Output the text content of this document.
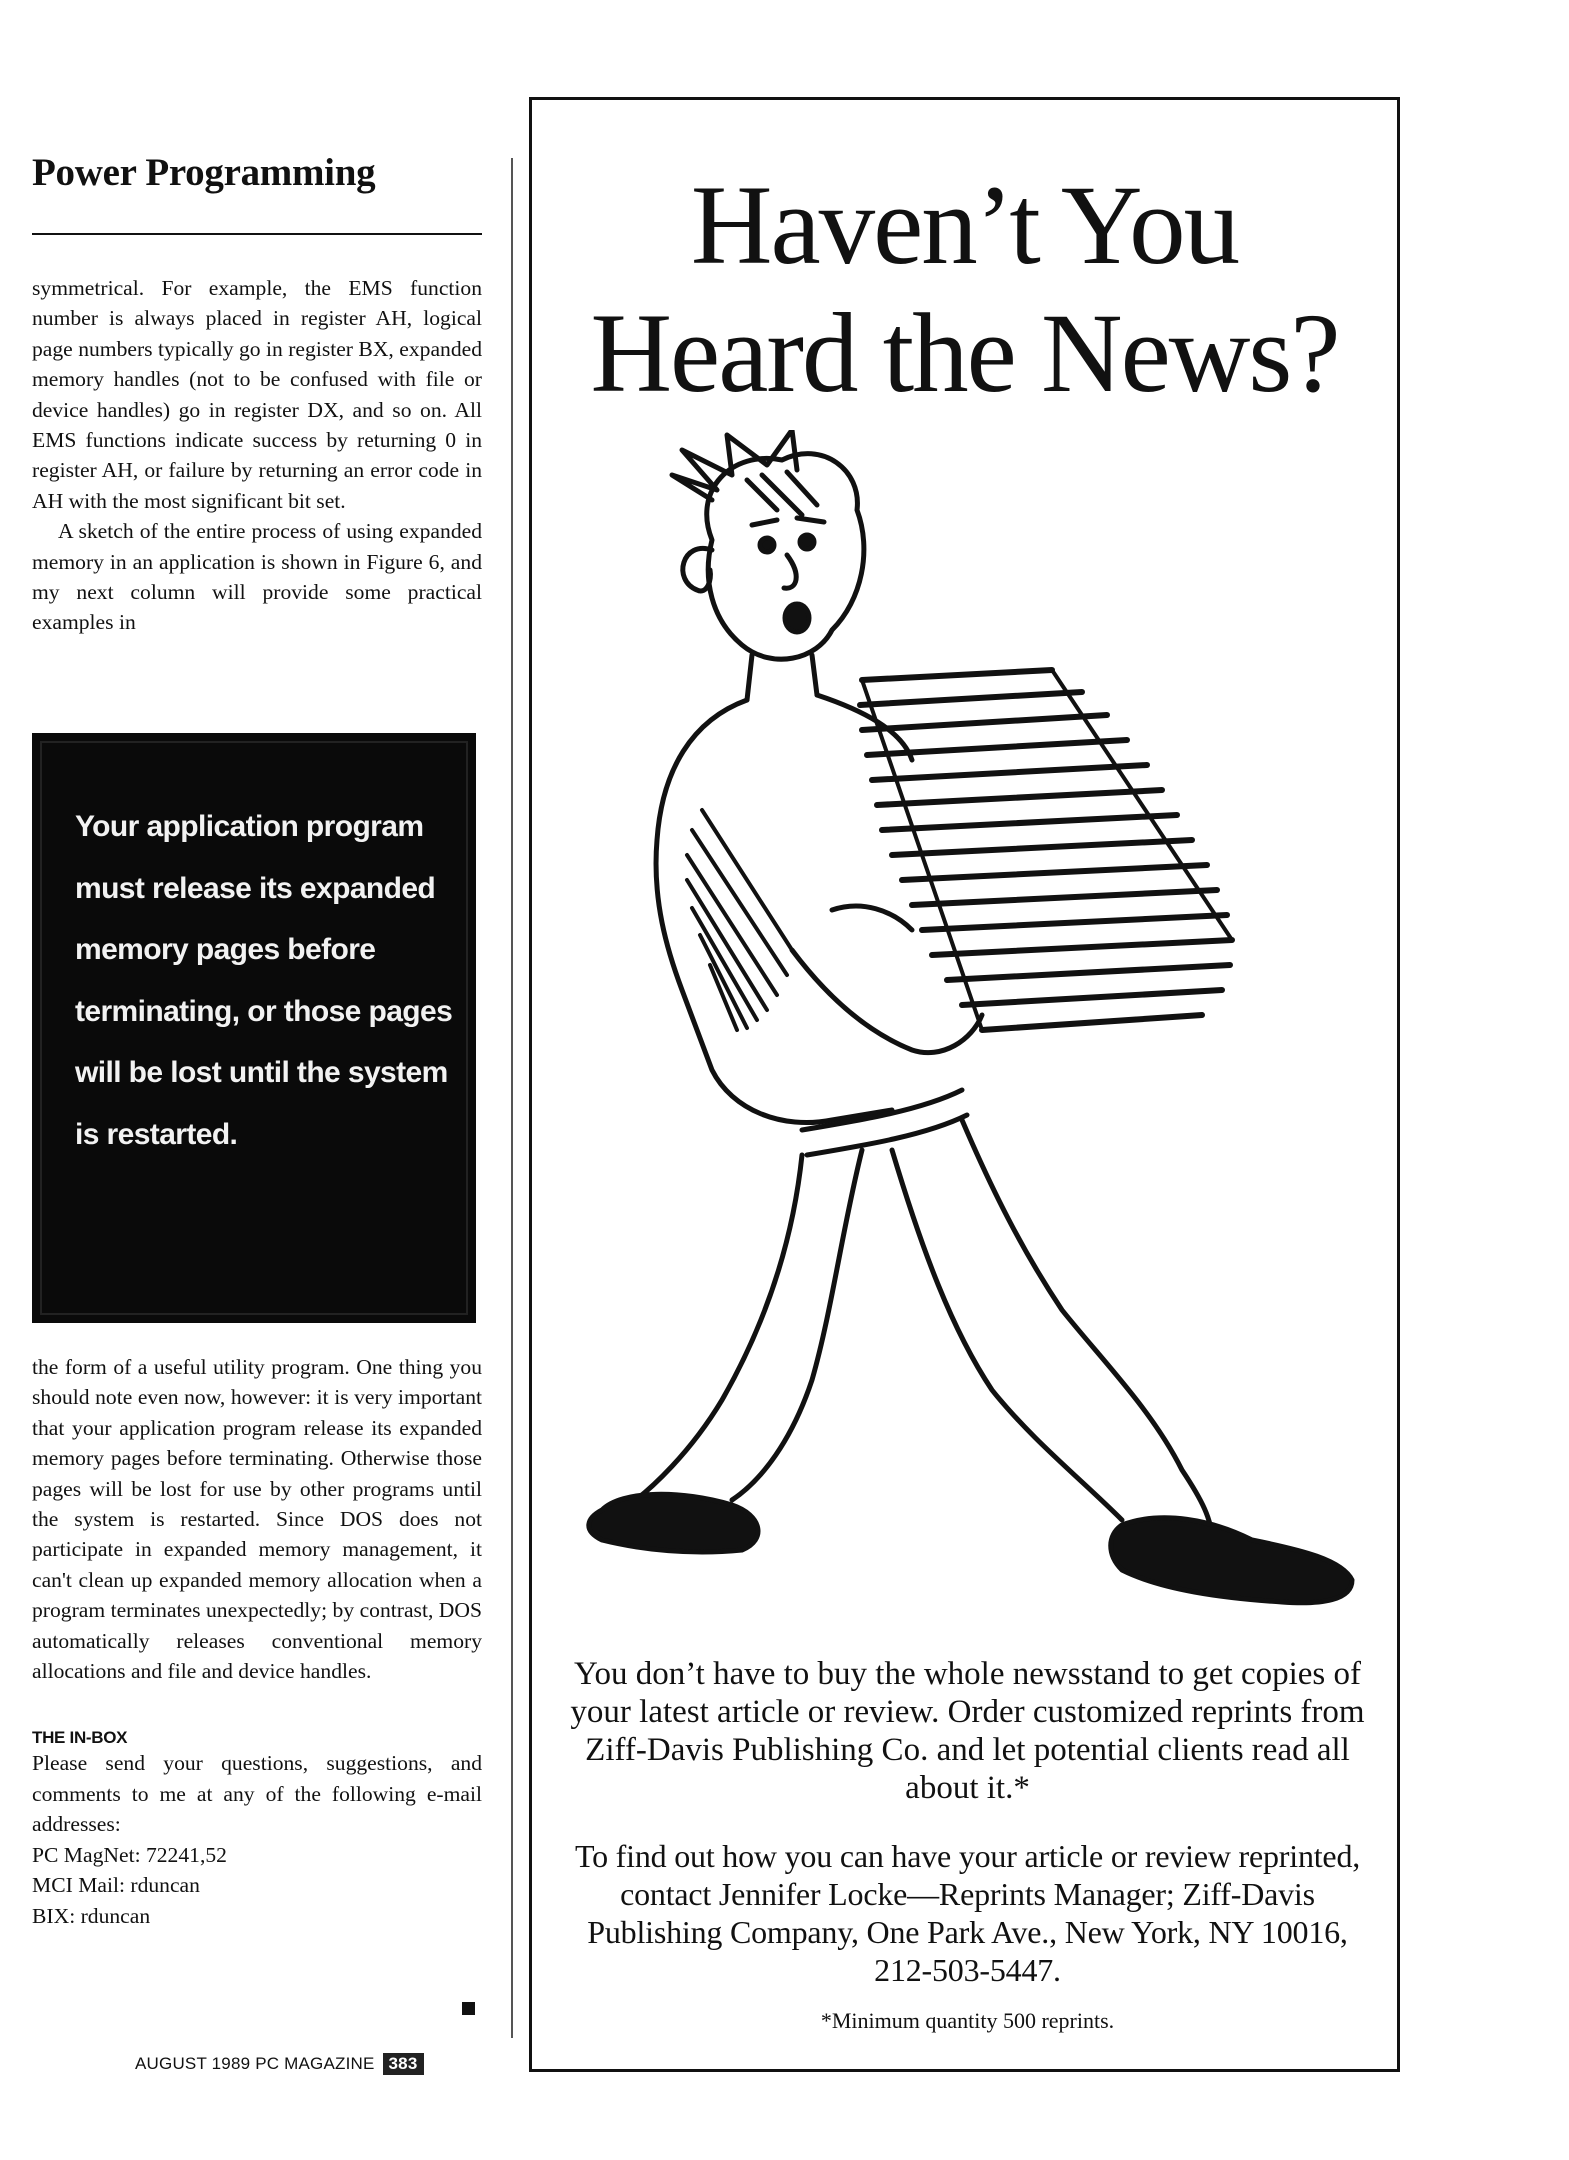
Power Programming

symmetrical. For example, the EMS function number is always placed in register AH, logical page numbers typically go in register BX, expanded memory handles (not to be confused with file or device handles) go in register DX, and so on. All EMS functions indicate success by returning 0 in register AH, or failure by returning an error code in AH with the most significant bit set.

A sketch of the entire process of using expanded memory in an application is shown in Figure 6, and my next column will provide some practical examples in

Your application program must release its expanded memory pages before terminating, or those pages will be lost until the system is restarted.

the form of a useful utility program. One thing you should note even now, however: it is very important that your application program release its expanded memory pages before terminating. Otherwise those pages will be lost for use by other programs until the system is restarted. Since DOS does not participate in expanded memory management, it can't clean up expanded memory allocation when a program terminates unexpectedly; by contrast, DOS automatically releases conventional memory allocations and file and device handles.

THE IN-BOX
Please send your questions, suggestions, and comments to me at any of the following e-mail addresses:
PC MagNet: 72241,52
MCI Mail: rduncan
BIX: rduncan
AUGUST 1989 PC MAGAZINE 383
Haven’t You
Heard the News?

You don’t have to buy the whole newsstand to get copies of your latest article or review. Order customized reprints from Ziff-Davis Publishing Co. and let potential clients read all about it.*

To find out how you can have your article or review reprinted, contact Jennifer Locke—Reprints Manager; Ziff-Davis Publishing Company, One Park Ave., New York, NY 10016, 212-503-5447.

*Minimum quantity 500 reprints.
